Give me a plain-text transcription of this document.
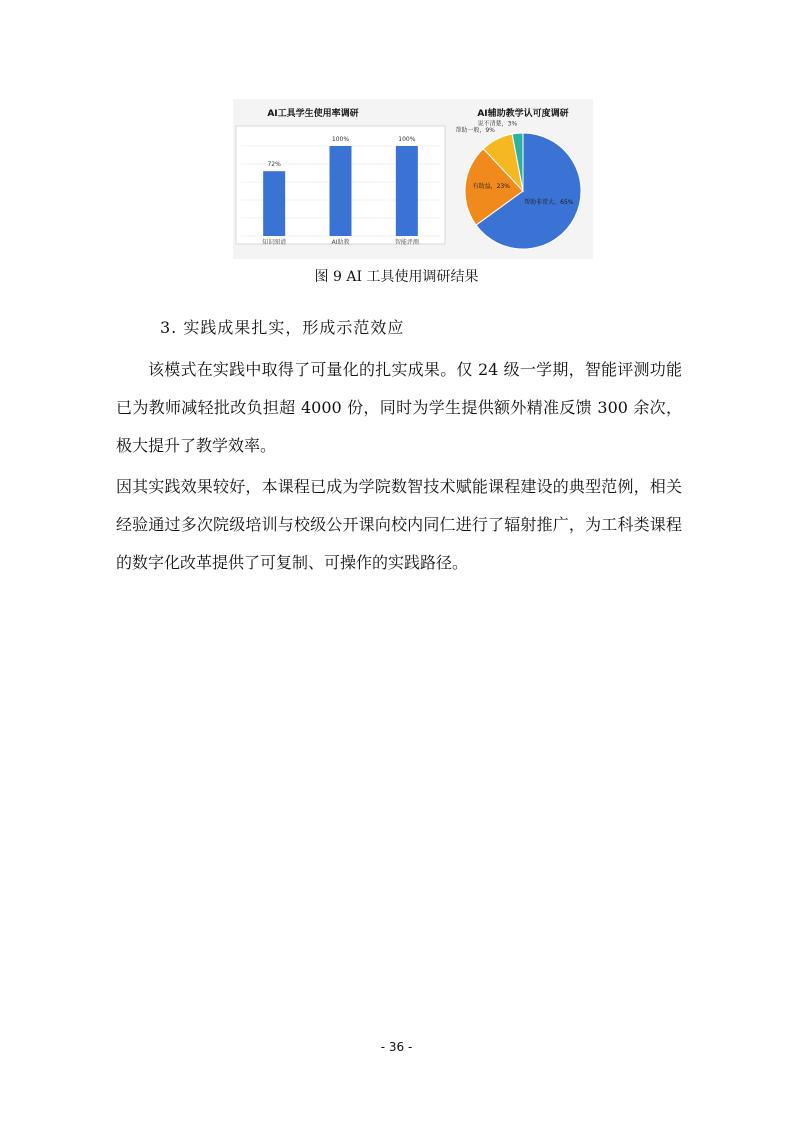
AI工具学生使用率调研
72%
100%	100%
知识图谱	AI助教	智能评测
AI辅助教学认可度调研
帮助非常大，65%
有助益，23%
帮助一般，9%
说不清楚，3%
图 9 AI 工具使用调研结果
3. 实践成果扎实，形成示范效应

该模式在实践中取得了可量化的扎实成果。仅 24 级一学期，智能评测功能已为教师减轻批改负担超 4000 份，同时为学生提供额外精准反馈 300 余次，极大提升了教学效率。

因其实践效果较好，本课程已成为学院数智技术赋能课程建设的典型范例，相关经验通过多次院级培训与校级公开课向校内同仁进行了辐射推广，为工科类课程的数字化改革提供了可复制、可操作的实践路径。

- 36 -
